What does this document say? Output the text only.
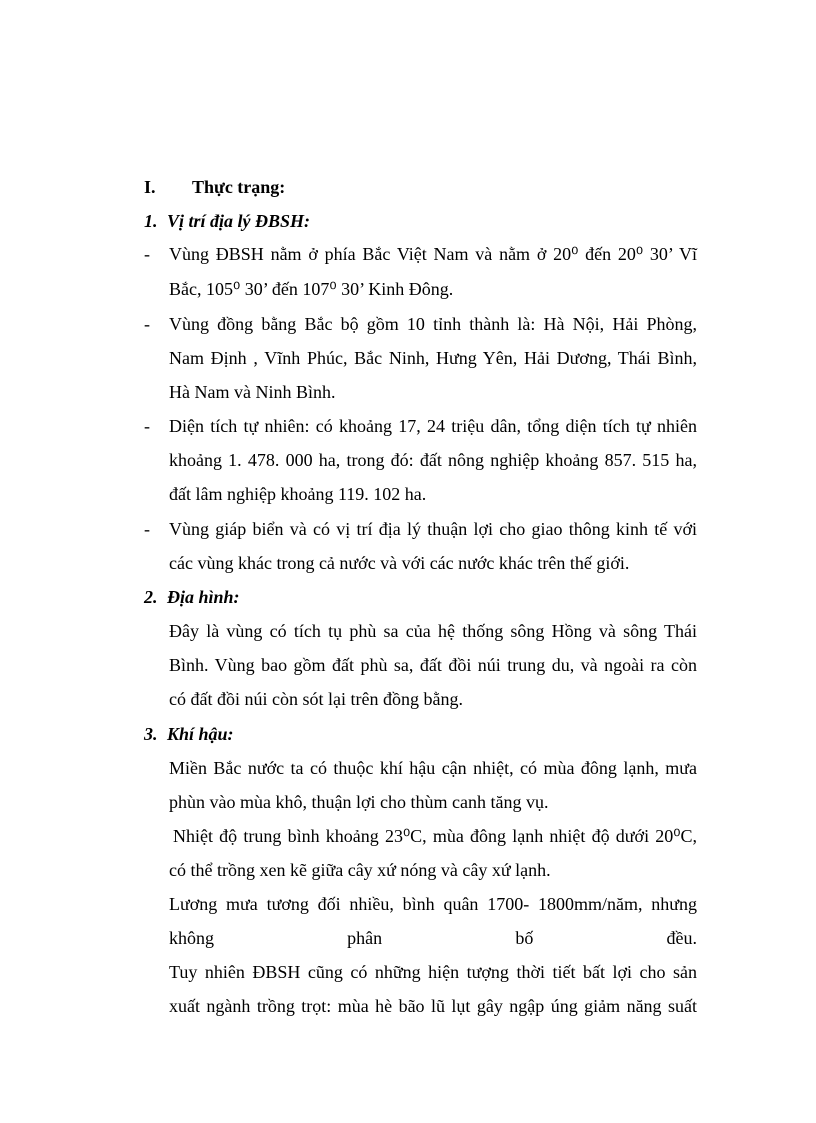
I. Thực trạng:
1. Vị trí địa lý ĐBSH:
- Vùng ĐBSH nằm ở phía Bắc Việt Nam và nằm ở 20⁰ đến 20⁰ 30’ Vĩ
Bắc, 105⁰ 30’ đến 107⁰ 30’ Kinh Đông.
- Vùng đồng bằng Bắc bộ gồm 10 tỉnh thành là: Hà Nội, Hải Phòng,
Nam Định , Vĩnh Phúc, Bắc Ninh, Hưng Yên, Hải Dương, Thái Bình,
Hà Nam và Ninh Bình.
- Diện tích tự nhiên: có khoảng 17, 24 triệu dân, tổng diện tích tự nhiên
khoảng 1. 478. 000 ha, trong đó: đất nông nghiệp khoảng 857. 515 ha,
đất lâm nghiệp khoảng 119. 102 ha.
- Vùng giáp biển và có vị trí địa lý thuận lợi cho giao thông kinh tế với
các vùng khác trong cả nước và với các nước khác trên thế giới.
2. Địa hình:
Đây là vùng có tích tụ phù sa của hệ thống sông Hồng và sông Thái
Bình. Vùng bao gồm đất phù sa, đất đồi núi trung du, và ngoài ra còn
có đất đồi núi còn sót lại trên đồng bằng.
3. Khí hậu:
Miền Bắc nước ta có thuộc khí hậu cận nhiệt, có mùa đông lạnh, mưa
phùn vào mùa khô, thuận lợi cho thùm canh tăng vụ.
Nhiệt độ trung bình khoảng 23⁰C, mùa đông lạnh nhiệt độ dưới 20⁰C,
có thể trồng xen kẽ giữa cây xứ nóng và cây xứ lạnh.
Lương mưa tương đối nhiều, bình quân 1700- 1800mm/năm, nhưng
không phân bố đều.
Tuy nhiên ĐBSH cũng có những hiện tượng thời tiết bất lợi cho sản
xuất ngành trồng trọt: mùa hè bão lũ lụt gây ngập úng giảm năng suất
